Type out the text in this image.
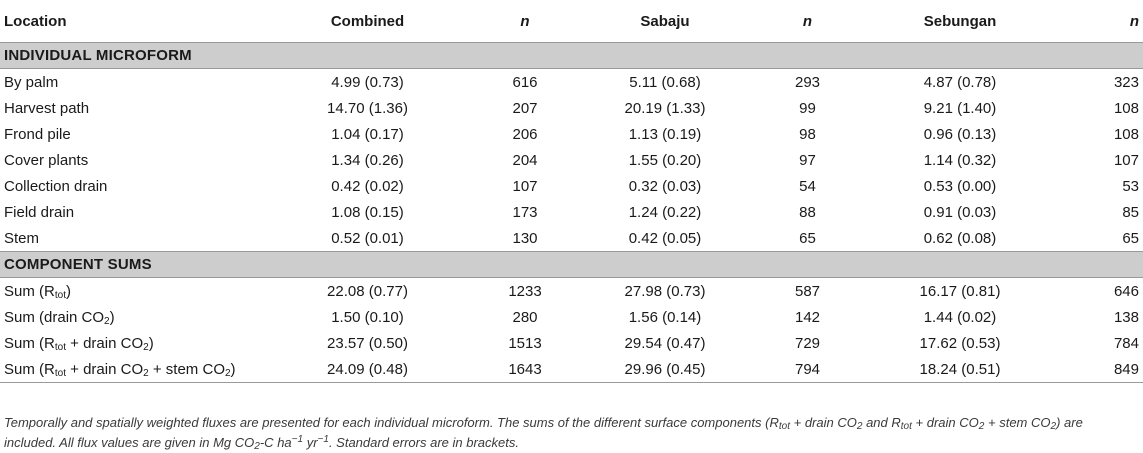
Location	Combined	n	Sabaju	n	Sebungan	n
INDIVIDUAL MICROFORM						
By palm	4.99 (0.73)	616	5.11 (0.68)	293	4.87 (0.78)	323
Harvest path	14.70 (1.36)	207	20.19 (1.33)	99	9.21 (1.40)	108
Frond pile	1.04 (0.17)	206	1.13 (0.19)	98	0.96 (0.13)	108
Cover plants	1.34 (0.26)	204	1.55 (0.20)	97	1.14 (0.32)	107
Collection drain	0.42 (0.02)	107	0.32 (0.03)	54	0.53 (0.00)	53
Field drain	1.08 (0.15)	173	1.24 (0.22)	88	0.91 (0.03)	85
Stem	0.52 (0.01)	130	0.42 (0.05)	65	0.62 (0.08)	65
COMPONENT SUMS						
Sum $(R_{tot})$	22.08 (0.77)	1233	27.98 (0.73)	587	16.17 (0.81)	646
Sum (drain $CO_2$)	1.50 (0.10)	280	1.56 (0.14)	142	1.44 (0.02)	138
Sum ($R_{tot}$ + drain $CO_2$)	23.57 (0.50)	1513	29.54 (0.47)	729	17.62 (0.53)	784
Sum ($R_{tot}$ + drain $CO_2$ + stem $CO_2$)	24.09 (0.48)	1643	29.96 (0.45)	794	18.24 (0.51)	849
Temporally and spatially weighted fluxes are presented for each individual microform. The sums of the different surface components ($R_{tot}$ + drain $CO_2$ and $R_{tot}$ + drain $CO_2$ + stem $CO_2$) are included. All flux values are given in Mg $CO_2-C$ $ha^{-1}$ $yr^{-1}$. Standard errors are in brackets.
